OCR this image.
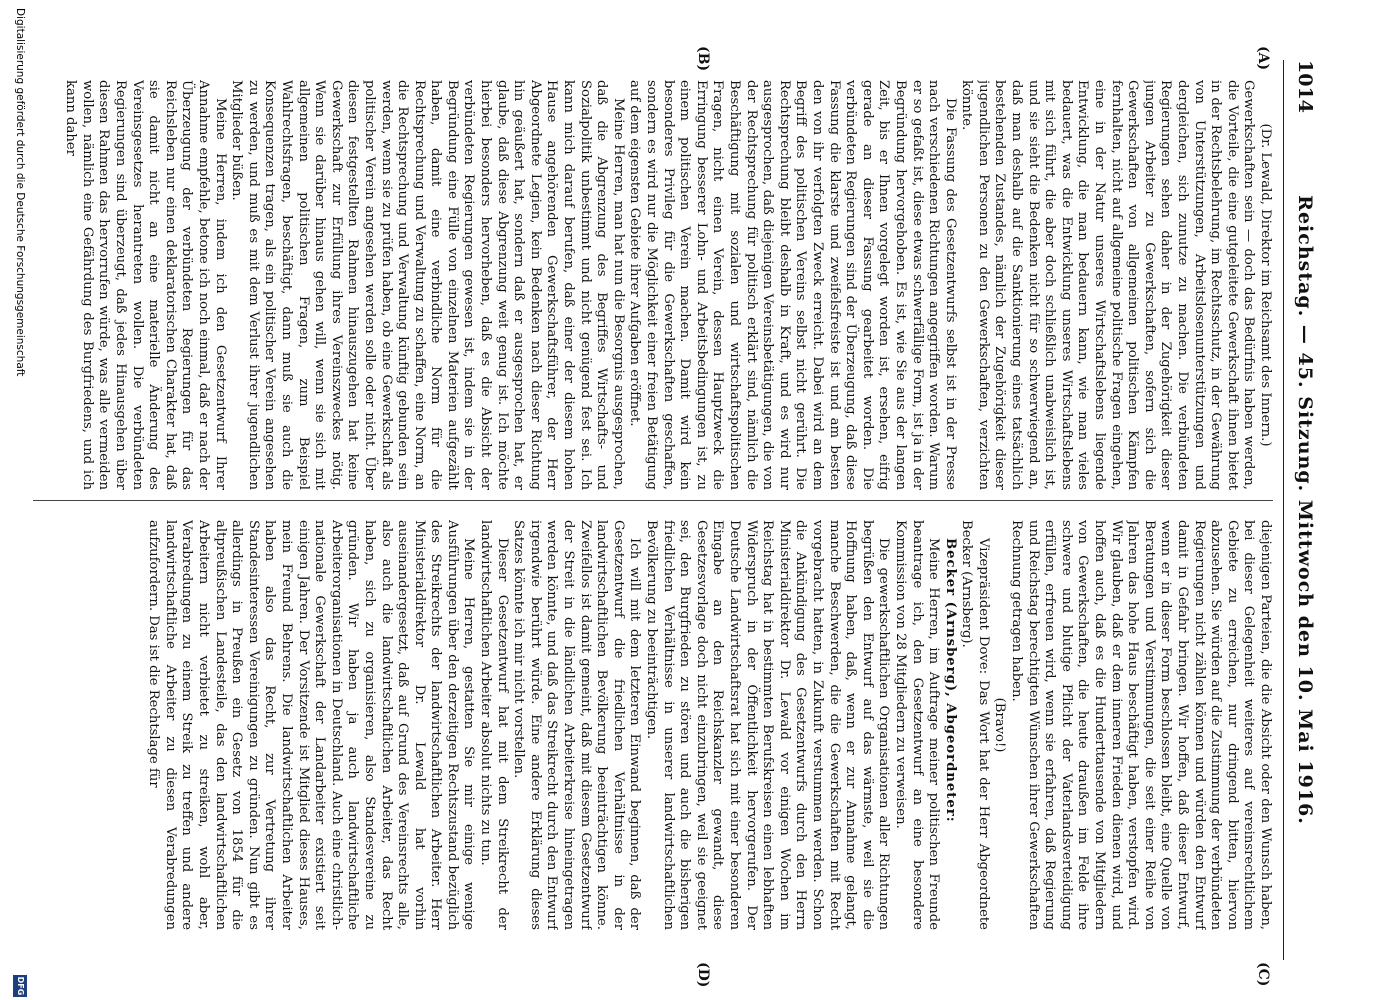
1014
Reichstag. — 45. Sitzung. Mittwoch den 10. Mai 1916.
(A)
(B)
(C)
(D)

(Dr. Lewald, Direktor im Reichsamt des Innern.)

Gewerkschaften sein — doch das Bedürfnis haben werden, die Vorteile, die eine gutgeleitete Gewerkschaft ihnen bietet in der Rechtsbelehrung, im Rechtsschutz, in der Gewährung von Unterstützungen, Arbeitslosenunterstützungen und dergleichen, sich zunutze zu machen. Die verbündeten Regierungen sehen daher in der Zugehörigkeit dieser jungen Arbeiter zu Gewerkschaften, sofern sich die Gewerkschaften von allgemeinen politischen Kämpfen fernhalten, nicht auf allgemeine politische Fragen eingehen, eine in der Natur unseres Wirtschaftslebens liegende Entwicklung, die man bedauern kann, wie man vieles bedauert, was die Entwicklung unseres Wirtschaftslebens mit sich führt, die aber doch schließlich unabweislich ist, und sie sieht die Bedenken nicht für so schwerwiegend an, daß man deshalb auf die Sanktionierung eines tatsächlich bestehenden Zustandes, nämlich der Zugehörigkeit dieser jugendlichen Personen zu den Gewerkschaften, verzichten könnte.

Die Fassung des Gesetzentwurfs selbst ist in der Presse nach verschiedenen Richtungen angegriffen worden. Warum er so gefaßt ist, diese etwas schwerfällige Form, ist ja in der Begründung hervorgehoben. Es ist, wie Sie aus der langen Zeit, bis er Ihnen vorgelegt worden ist, ersehen, eifrig gerade an dieser Fassung gearbeitet worden. Die verbündeten Regierungen sind der Überzeugung, daß diese Fassung die klarste und zweifelsfreiste ist und am besten den von ihr verfolgten Zweck erreicht. Dabei wird an dem Begriff des politischen Vereins selbst nicht gerührt. Die Rechtsprechung bleibt deshalb in Kraft, und es wird nur ausgesprochen, daß diejenigen Vereinsbetätigungen, die von der Rechtsprechung für politisch erklärt sind, nämlich die Beschäftigung mit sozialen und wirtschaftspolitischen Fragen, nicht einen Verein, dessen Hauptzweck die Erringung besserer Lohn- und Arbeitsbedingungen ist, zu einem politischen Verein machen. Damit wird kein besonderes Privileg für die Gewerkschaften geschaffen, sondern es wird nur die Möglichkeit einer freien Betätigung auf dem eigensten Gebiete ihrer Aufgaben eröffnet.

Meine Herren, man hat nun die Besorgnis ausgesprochen, daß die Abgrenzung des Begriffes Wirtschafts- und Sozialpolitik unbestimmt und nicht genügend fest sei. Ich kann mich darauf berufen, daß einer der diesem hohen Hause angehörenden Gewerkschaftsführer, der Herr Abgeordnete Legien, kein Bedenken nach dieser Richtung hin geäußert hat, sondern daß er ausgesprochen hat, er glaube, daß diese Abgrenzung weit genug ist. Ich möchte hierbei besonders hervorheben, daß es die Absicht der verbündeten Regierungen gewesen ist, indem sie in der Begründung eine Fülle von einzelnen Materien aufgezählt haben, damit eine verbindliche Norm für die Rechtsprechung und Verwaltung zu schaffen, eine Norm, an die Rechtsprechung und Verwaltung künftig gebunden sein werden, wenn sie zu prüfen haben, ob eine Gewerkschaft als politischer Verein angesehen werden solle oder nicht. Über diesen festgestellten Rahmen hinauszugehen hat keine Gewerkschaft zur Erfüllung ihres Vereinszweckes nötig. Wenn sie darüber hinaus gehen will, wenn sie sich mit allgemeinen politischen Fragen, zum Beispiel Wahlrechtsfragen, beschäftigt, dann muß sie auch die Konsequenzen tragen, als ein politischer Verein angesehen zu werden, und muß es mit dem Verlust ihrer jugendlichen Mitglieder büßen.

Meine Herren, indem ich den Gesetzentwurf Ihrer Annahme empfehle, betone ich noch einmal, daß er nach der Überzeugung der verbündeten Regierungen für das Reichsleben nur einen deklaratorischen Charakter hat, daß sie damit nicht an eine materielle Änderung des Vereinsgesetzes herantreten wollen. Die verbündeten Regierungen sind überzeugt, daß jedes Hinausgehen über diesen Rahmen das hervorrufen würde, was alle vermeiden wollen, nämlich eine Gefährdung des Burgfriedens, und ich kann daher

diejenigen Parteien, die die Absicht oder den Wunsch haben, bei dieser Gelegenheit weiteres auf vereinsrechtlichem Gebiete zu erreichen, nur dringend bitten, hiervon abzusehen. Sie würden auf die Zustimmung der verbündeten Regierungen nicht zählen können und würden den Entwurf damit in Gefahr bringen. Wir hoffen, daß dieser Entwurf, wenn er in dieser Form beschlossen bleibt, eine Quelle von Beratungen und Verstimmungen, die seit einer Reihe von Jahren das hohe Haus beschäftigt haben, verstopfen wird. Wir glauben, daß er dem inneren Frieden dienen wird, und hoffen auch, daß es die Hunderttausende von Mitgliedern von Gewerkschaften, die heute draußen im Felde ihre schwere und blutige Pflicht der Vaterlandsverteidigung erfüllen, erfreuen wird, wenn sie erfahren, daß Regierung und Reichstag berechtigten Wünschen ihrer Gewerkschaften Rechnung getragen haben.

(Bravo!)

Vizepräsident Dove: Das Wort hat der Herr Abgeordnete Becker (Arnsberg).

Becker (Arnsberg), Abgeordneter:

Meine Herren, im Auftrage meiner politischen Freunde beantrage ich, den Gesetzentwurf an eine besondere Kommission von 28 Mitgliedern zu verweisen.

Die gewerkschaftlichen Organisationen aller Richtungen begrüßen den Entwurf auf das wärmste, weil sie die Hoffnung haben, daß, wenn er zur Annahme gelangt, manche Beschwerden, die die Gewerkschaften mit Recht vorgebracht hatten, in Zukunft verstummen werden. Schon die Ankündigung des Gesetzentwurfs durch den Herrn Ministerialdirektor Dr. Lewald vor einigen Wochen im Reichstag hat in bestimmten Berufskreisen einen lebhaften Widerspruch in der Öffentlichkeit hervorgerufen. Der Deutsche Landwirtschaftsrat hat sich mit einer besonderen Eingabe an den Reichskanzler gewandt, diese Gesetzesvorlage doch nicht einzubringen, weil sie geeignet sei, den Burgfrieden zu stören und auch die bisherigen friedlichen Verhältnisse in unserer landwirtschaftlichen Bevölkerung zu beeinträchtigen.

Ich will mit dem letzteren Einwand beginnen, daß der Gesetzentwurf die friedlichen Verhältnisse in der landwirtschaftlichen Bevölkerung beeinträchtigen könne. Zweifellos ist damit gemeint, daß mit diesem Gesetzentwurf der Streit in die ländlichen Arbeiterkreise hineingetragen werden könnte, und daß das Streikrecht durch den Entwurf irgendwie berührt würde. Eine andere Erklärung dieses Satzes könnte ich mir nicht vorstellen.

Dieser Gesetzentwurf hat mit dem Streikrecht der landwirtschaftlichen Arbeiter absolut nichts zu tun.

Meine Herren, gestatten Sie mir einige wenige Ausführungen über den derzeitigen Rechtszustand bezüglich des Streikrechts der landwirtschaftlichen Arbeiter. Herr Ministerialdirektor Dr. Lewald hat vorhin auseinandergesetzt, daß auf Grund des Vereinsrechts alle, also auch die landwirtschaftlichen Arbeiter, das Recht haben, sich zu organisieren, also Standesvereine zu gründen. Wir haben ja auch landwirtschaftliche Arbeiterorganisationen in Deutschland. Auch eine christlich-nationale Gewerkschaft der Landarbeiter existiert seit einigen Jahren. Der Vorsitzende ist Mitglied dieses Hauses, mein Freund Behrens. Die landwirtschaftlichen Arbeiter haben also das Recht, zur Vertretung ihrer Standesinteressen Vereinigungen zu gründen. Nun gibt es allerdings in Preußen ein Gesetz von 1854 für die altpreußischen Landesteile, das den landwirtschaftlichen Arbeitern nicht verbietet zu streiken, wohl aber, Verabredungen zu einem Streik zu treffen und andere landwirtschaftliche Arbeiter zu diesen Verabredungen aufzufordern. Das ist die Rechtslage für

Digitalisierung gefördert durch die Deutsche Forschungsgemeinschaft
DFG
